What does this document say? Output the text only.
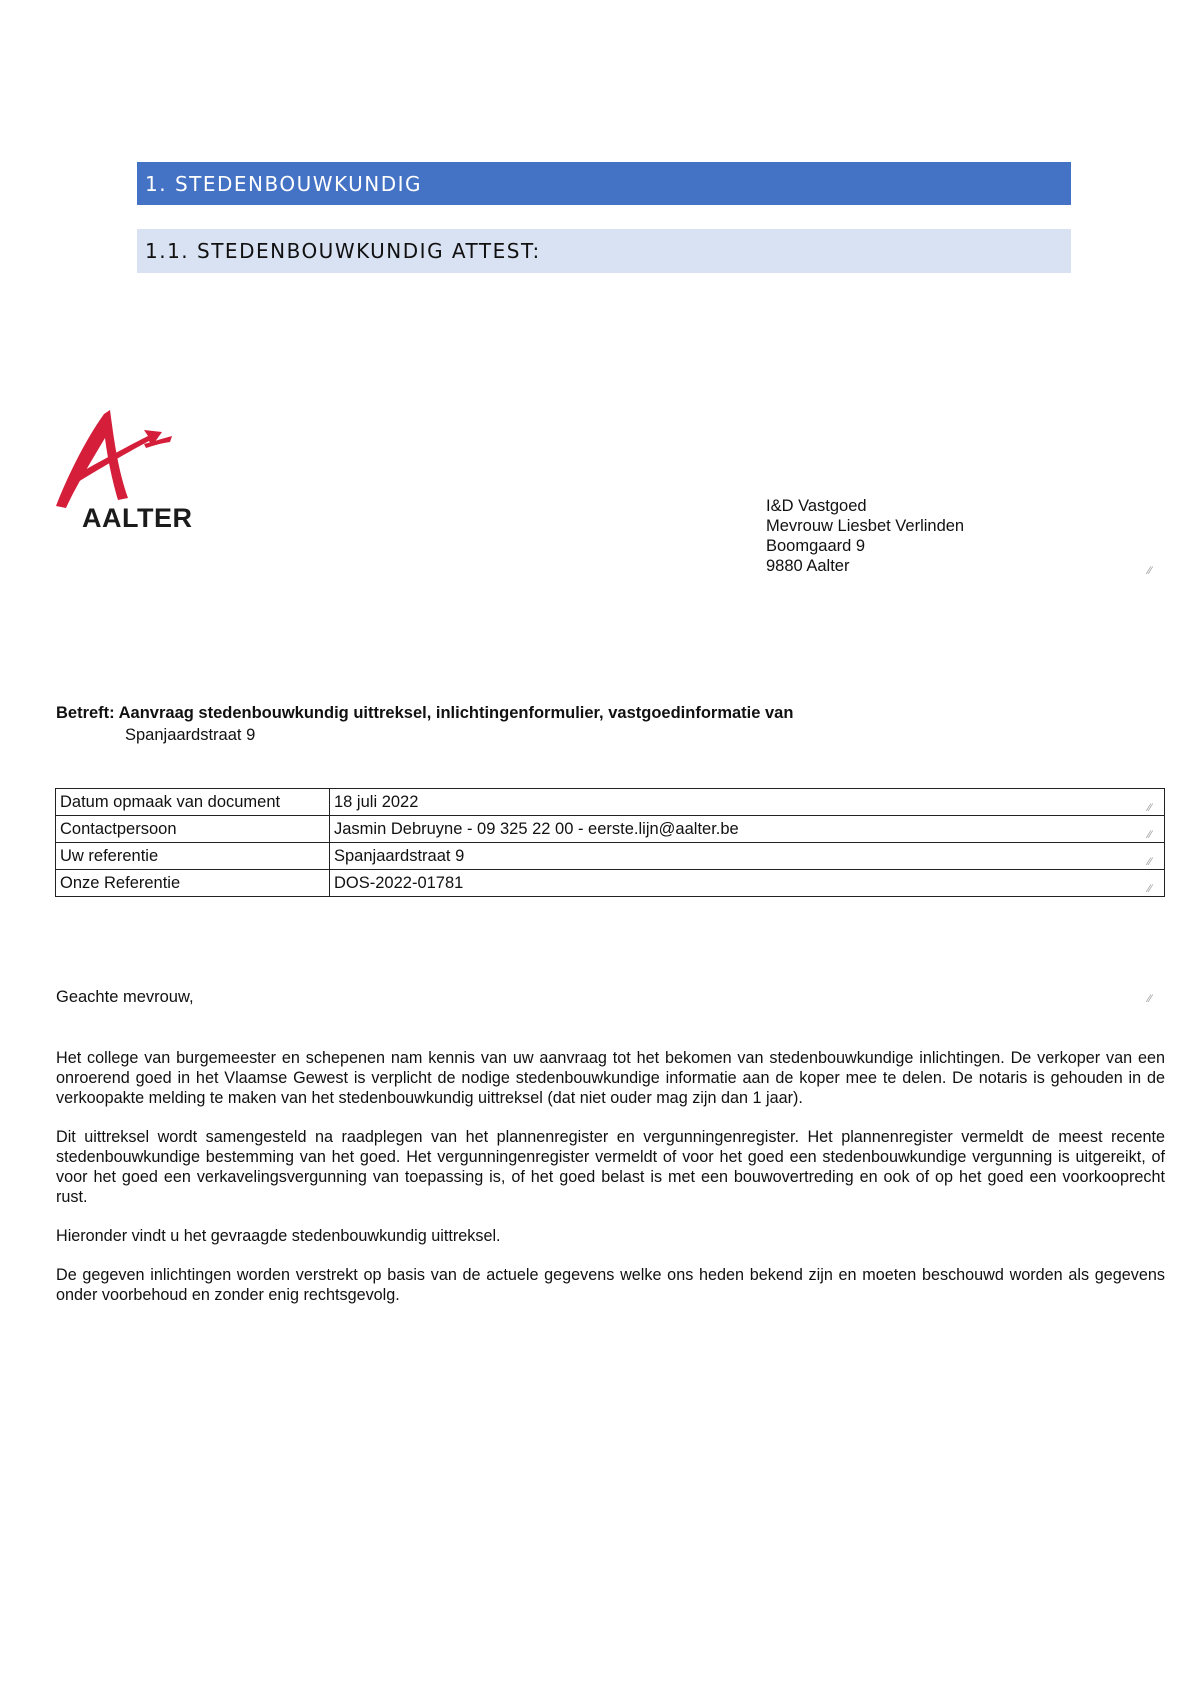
1. STEDENBOUWKUNDIG
1.1. STEDENBOUWKUNDIG ATTEST:
AALTER	I&D Vastgoed
Mevrouw Liesbet Verlinden
Boomgaard 9
9880 Aalter
⁄⁄
Betreft: Aanvraag stedenbouwkundig uittreksel, inlichtingenformulier, vastgoedinformatie van
Spanjaardstraat 9
Datum opmaak van document	18 juli 2022
⁄⁄

Contactpersoon	Jasmin Debruyne - 09 325 22 00 - eerste.lijn@aalter.be
⁄⁄

Uw referentie	Spanjaardstraat 9
⁄⁄

Onze Referentie	DOS-2022-01781
⁄⁄
Geachte mevrouw,
⁄⁄

Het college van burgemeester en schepenen nam kennis van uw aanvraag tot het bekomen van stedenbouwkundige inlichtingen. De verkoper van een onroerend goed in het Vlaamse Gewest is verplicht de nodige stedenbouwkundige informatie aan de koper mee te delen. De notaris is gehouden in de verkoopakte melding te maken van het stedenbouwkundig uittreksel (dat niet ouder mag zijn dan 1 jaar).

Dit uittreksel wordt samengesteld na raadplegen van het plannenregister en vergunningenregister. Het plannenregister vermeldt de meest recente stedenbouwkundige bestemming van het goed. Het vergunningenregister vermeldt of voor het goed een stedenbouwkundige vergunning is uitgereikt, of voor het goed een verkavelingsvergunning van toepassing is, of het goed belast is met een bouwovertreding en ook of op het goed een voorkooprecht rust.

Hieronder vindt u het gevraagde stedenbouwkundig uittreksel.

De gegeven inlichtingen worden verstrekt op basis van de actuele gegevens welke ons heden bekend zijn en moeten beschouwd worden als gegevens onder voorbehoud en zonder enig rechtsgevolg.
